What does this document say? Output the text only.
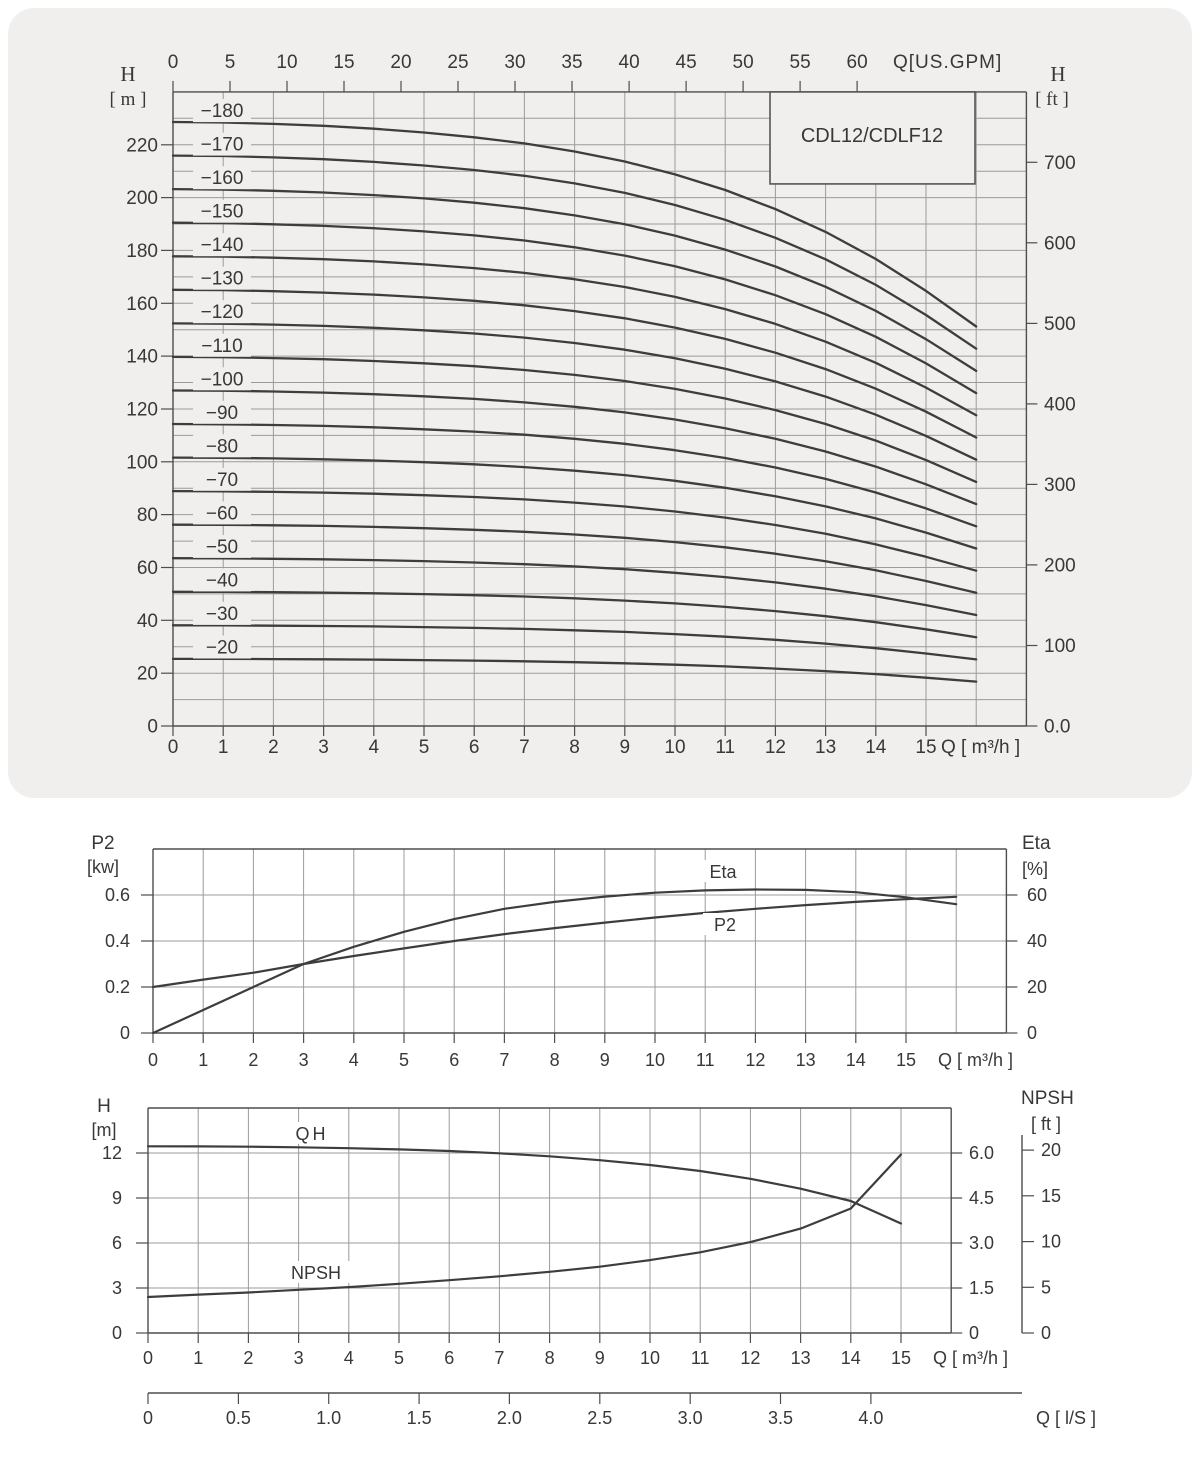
0 1 2 3 4 5 6 7 8 9 10 11 12 13 14 15 Q [ m³/h ]
0 5 10 15 20 25 30 35 40 45 50 55 60 Q[US.GPM]
0
20
40
60
80
100
120
140
160
180
200
220
H
[ m ]
0.0
100
200
300
400
500
600
700
H
[ ft ]
CDL12/CDLF12
−180
−170
−160
−150
−140
−130
−120
−110
−100
−90
−80
−70
−60
−50
−40
−30
−20
0 1 2 3 4 5 6 7 8 9 10 11 12 13 14 15 Q [ m³/h ]
0
0.2
0.4
0.6
P2
[kw]
0
20
40
60
Eta
[%]
Eta
P2
0 1 2 3 4 5 6 7 8 9 10 11 12 13 14 15 Q [ m³/h ]
0
3
6
9
12
H
[m]
0
1.5
3.0
4.5
6.0
0
5
10
15
20
NPSH
[ ft ]
0	0.5	1.0	1.5	2.0	2.5	3.0	3.5	4.0	Q [ l/S ]
QH
NPSH
